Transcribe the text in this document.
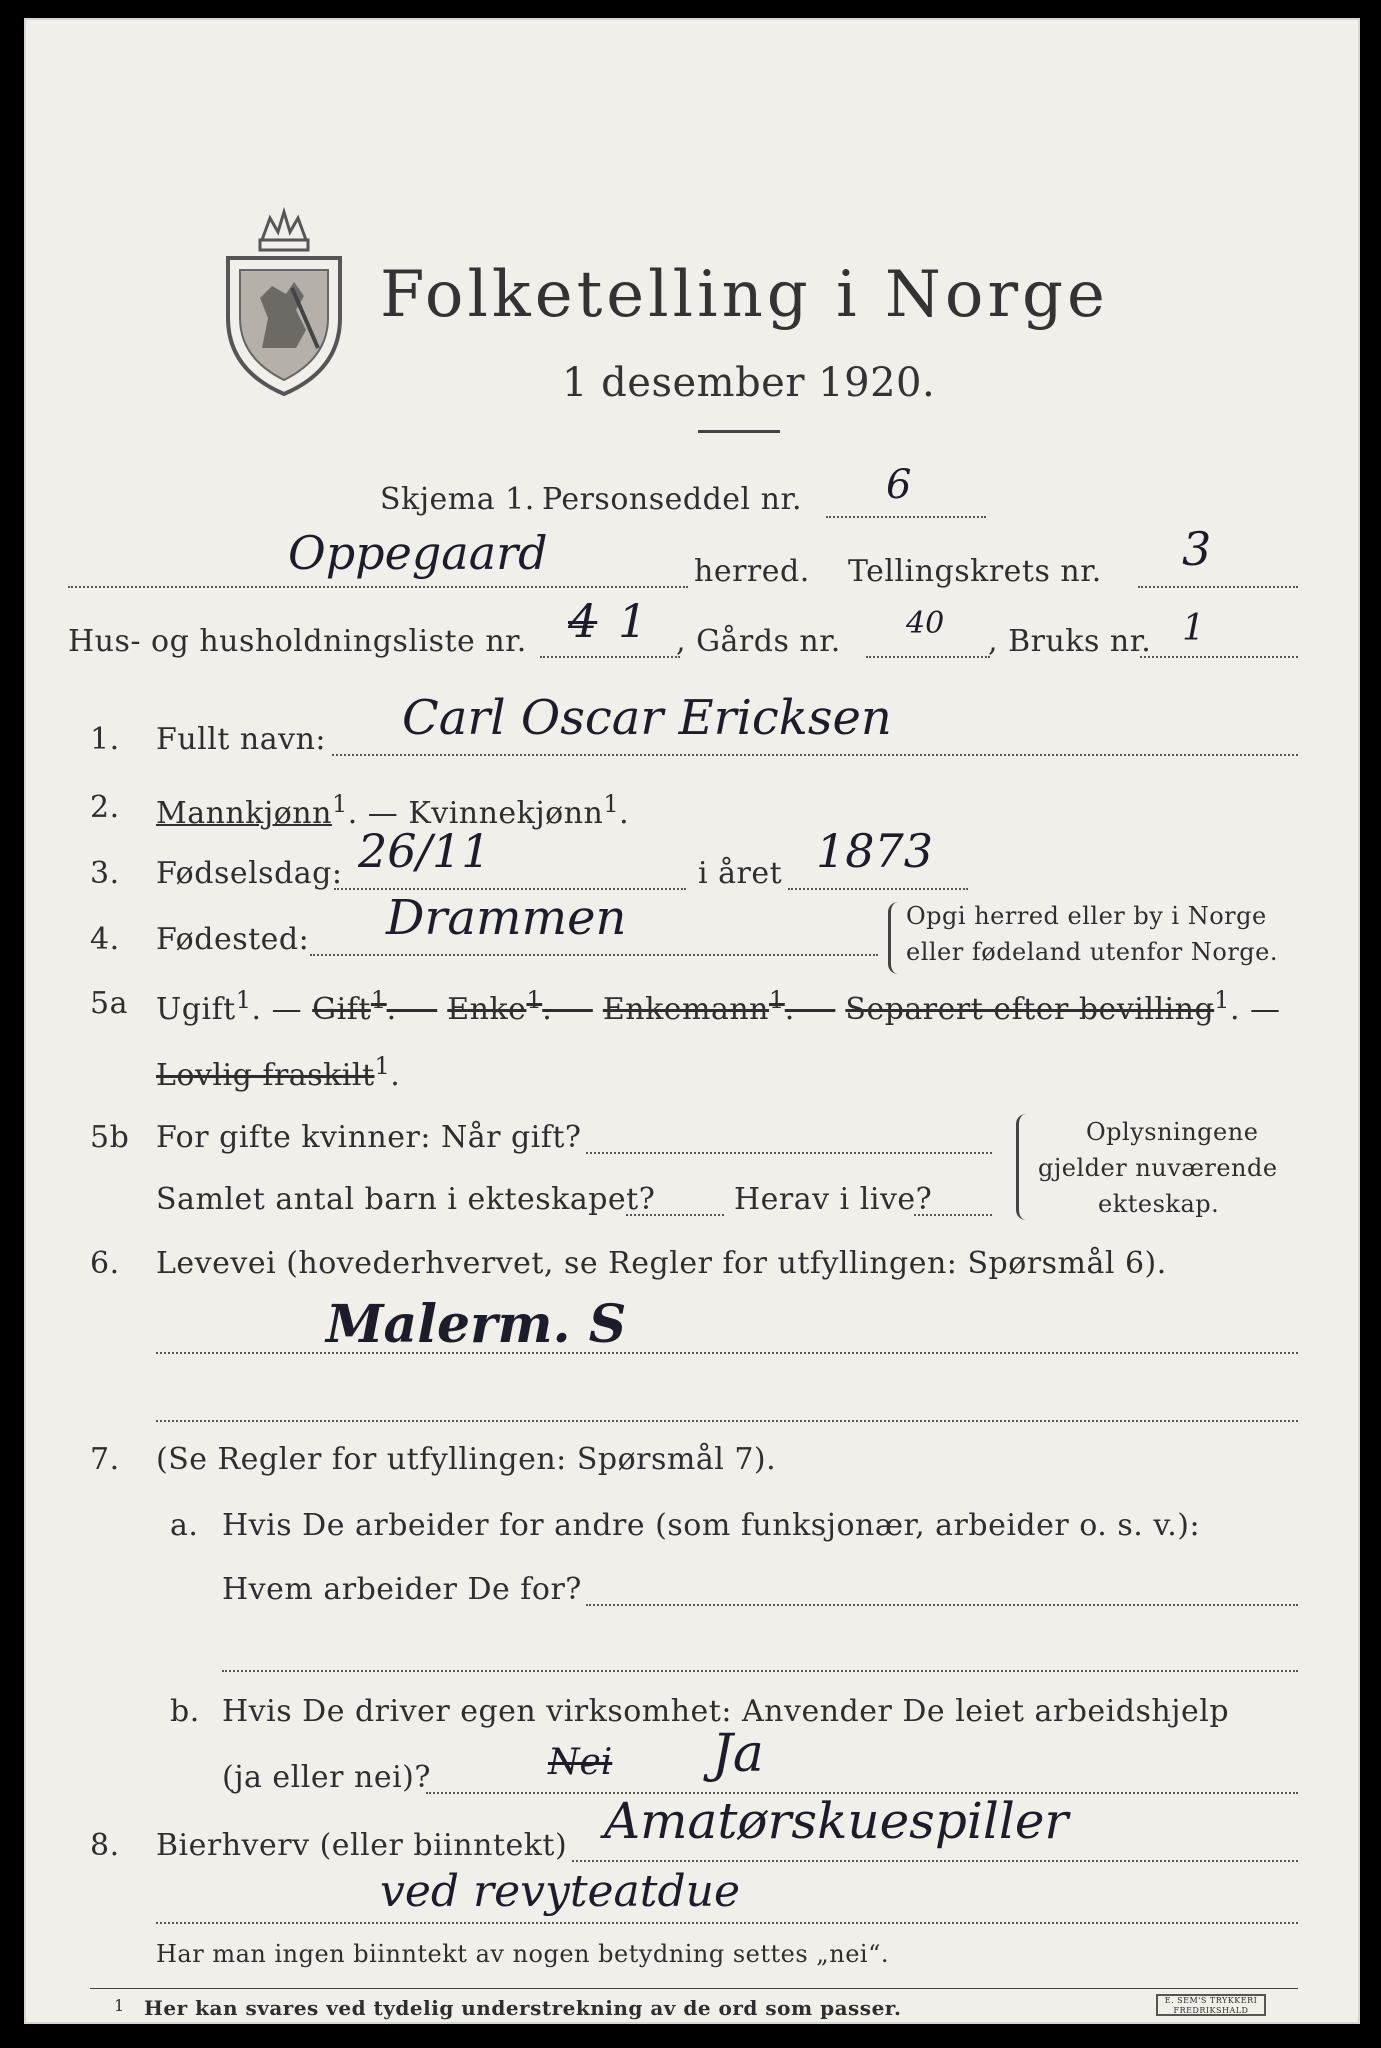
Folketelling i Norge
1 desember 1920.
Skjema 1. Personseddel nr. 6
Oppegaard	herred. Tellingskrets nr. 3
Hus- og husholdningsliste nr. 4 1 , Gårds nr.
40
, Bruks nr. 1
1.	Fullt navn: Carl Oscar Ericksen
2.	Mannkjønn$^1$. — Kvinnekjønn$^1$.
3.	Fødselsdag: 26/11	i året 1873
4.	Fødested: Drammen	Opgi herred eller by i Norge
eller fødeland utenfor Norge.
5a Ugift$^1$. — Gift$^1$. — Enke$^1$. — Enkemann$^1$. — Separert efter bevilling$^1$. —
Lovlig fraskilt$^1$.
5b For gifte kvinner: Når gift?
Samlet antal barn i ekteskapet?	Herav i live?
Oplysningene
gjelder nuværende
ekteskap.
6.	Levevei (hovederhvervet, se Regler for utfyllingen: Spørsmål 6).
Malerm. S
7.	(Se Regler for utfyllingen: Spørsmål 7).
a. Hvis De arbeider for andre (som funksjonær, arbeider o. s. v.):
Hvem arbeider De for?
b. Hvis De driver egen virksomhet: Anvender De leiet arbeidshjelp
(ja eller nei)?	Nei Ja
8.	Bierhverv (eller biinntekt) Amatørskuespiller
ved revyteatdue
Har man ingen biinntekt av nogen betydning settes „nei“.
1 Her kan svares ved tydelig understrekning av de ord som passer.	E. SEM'S TRYKKERI FREDRIKSHALD
